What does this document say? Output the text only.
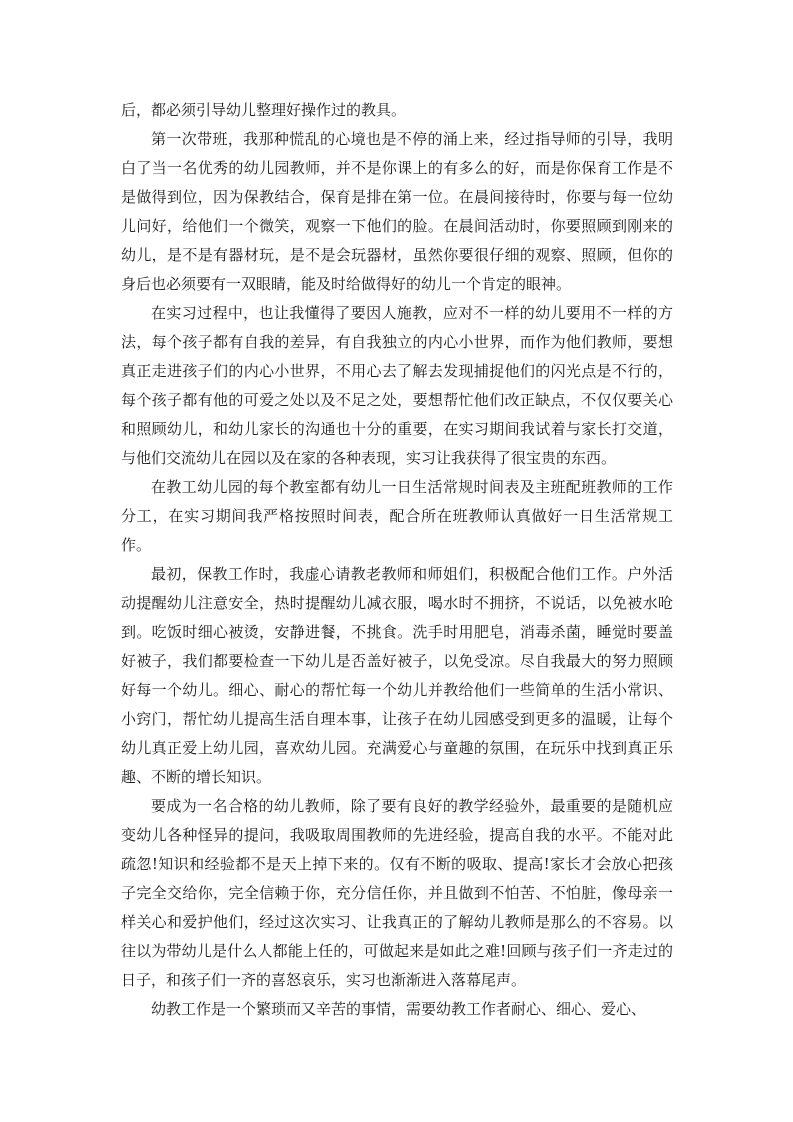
后，都必须引导幼儿整理好操作过的教具。

第一次带班，我那种慌乱的心境也是不停的涌上来，经过指导师的引导，我明白了当一名优秀的幼儿园教师，并不是你课上的有多么的好，而是你保育工作是不是做得到位，因为保教结合，保育是排在第一位。在晨间接待时，你要与每一位幼儿问好，给他们一个微笑，观察一下他们的脸。在晨间活动时，你要照顾到刚来的幼儿，是不是有器材玩，是不是会玩器材，虽然你要很仔细的观察、照顾，但你的身后也必须要有一双眼睛，能及时给做得好的幼儿一个肯定的眼神。

在实习过程中，也让我懂得了要因人施教，应对不一样的幼儿要用不一样的方法，每个孩子都有自我的差异，有自我独立的内心小世界，而作为他们教师，要想真正走进孩子们的内心小世界，不用心去了解去发现捕捉他们的闪光点是不行的，每个孩子都有他的可爱之处以及不足之处，要想帮忙他们改正缺点，不仅仅要关心和照顾幼儿，和幼儿家长的沟通也十分的重要，在实习期间我试着与家长打交道，与他们交流幼儿在园以及在家的各种表现，实习让我获得了很宝贵的东西。

在教工幼儿园的每个教室都有幼儿一日生活常规时间表及主班配班教师的工作分工，在实习期间我严格按照时间表，配合所在班教师认真做好一日生活常规工作。

最初，保教工作时，我虚心请教老教师和师姐们，积极配合他们工作。户外活动提醒幼儿注意安全，热时提醒幼儿减衣服，喝水时不拥挤，不说话，以免被水呛到。吃饭时细心被烫，安静进餐，不挑食。洗手时用肥皂，消毒杀菌，睡觉时要盖好被子，我们都要检查一下幼儿是否盖好被子，以免受凉。尽自我最大的努力照顾好每一个幼儿。细心、耐心的帮忙每一个幼儿并教给他们一些简单的生活小常识、小窍门，帮忙幼儿提高生活自理本事，让孩子在幼儿园感受到更多的温暖，让每个幼儿真正爱上幼儿园，喜欢幼儿园。充满爱心与童趣的氛围，在玩乐中找到真正乐趣、不断的增长知识。

要成为一名合格的幼儿教师，除了要有良好的教学经验外，最重要的是随机应变幼儿各种怪异的提问，我吸取周围教师的先进经验，提高自我的水平。不能对此疏忽!知识和经验都不是天上掉下来的。仅有不断的吸取、提高!家长才会放心把孩子完全交给你，完全信赖于你，充分信任你，并且做到不怕苦、不怕脏，像母亲一样关心和爱护他们，经过这次实习、让我真正的了解幼儿教师是那么的不容易。以往以为带幼儿是什么人都能上任的，可做起来是如此之难!回顾与孩子们一齐走过的日子，和孩子们一齐的喜怒哀乐，实习也渐渐进入落幕尾声。

幼教工作是一个繁琐而又辛苦的事情，需要幼教工作者耐心、细心、爱心、
